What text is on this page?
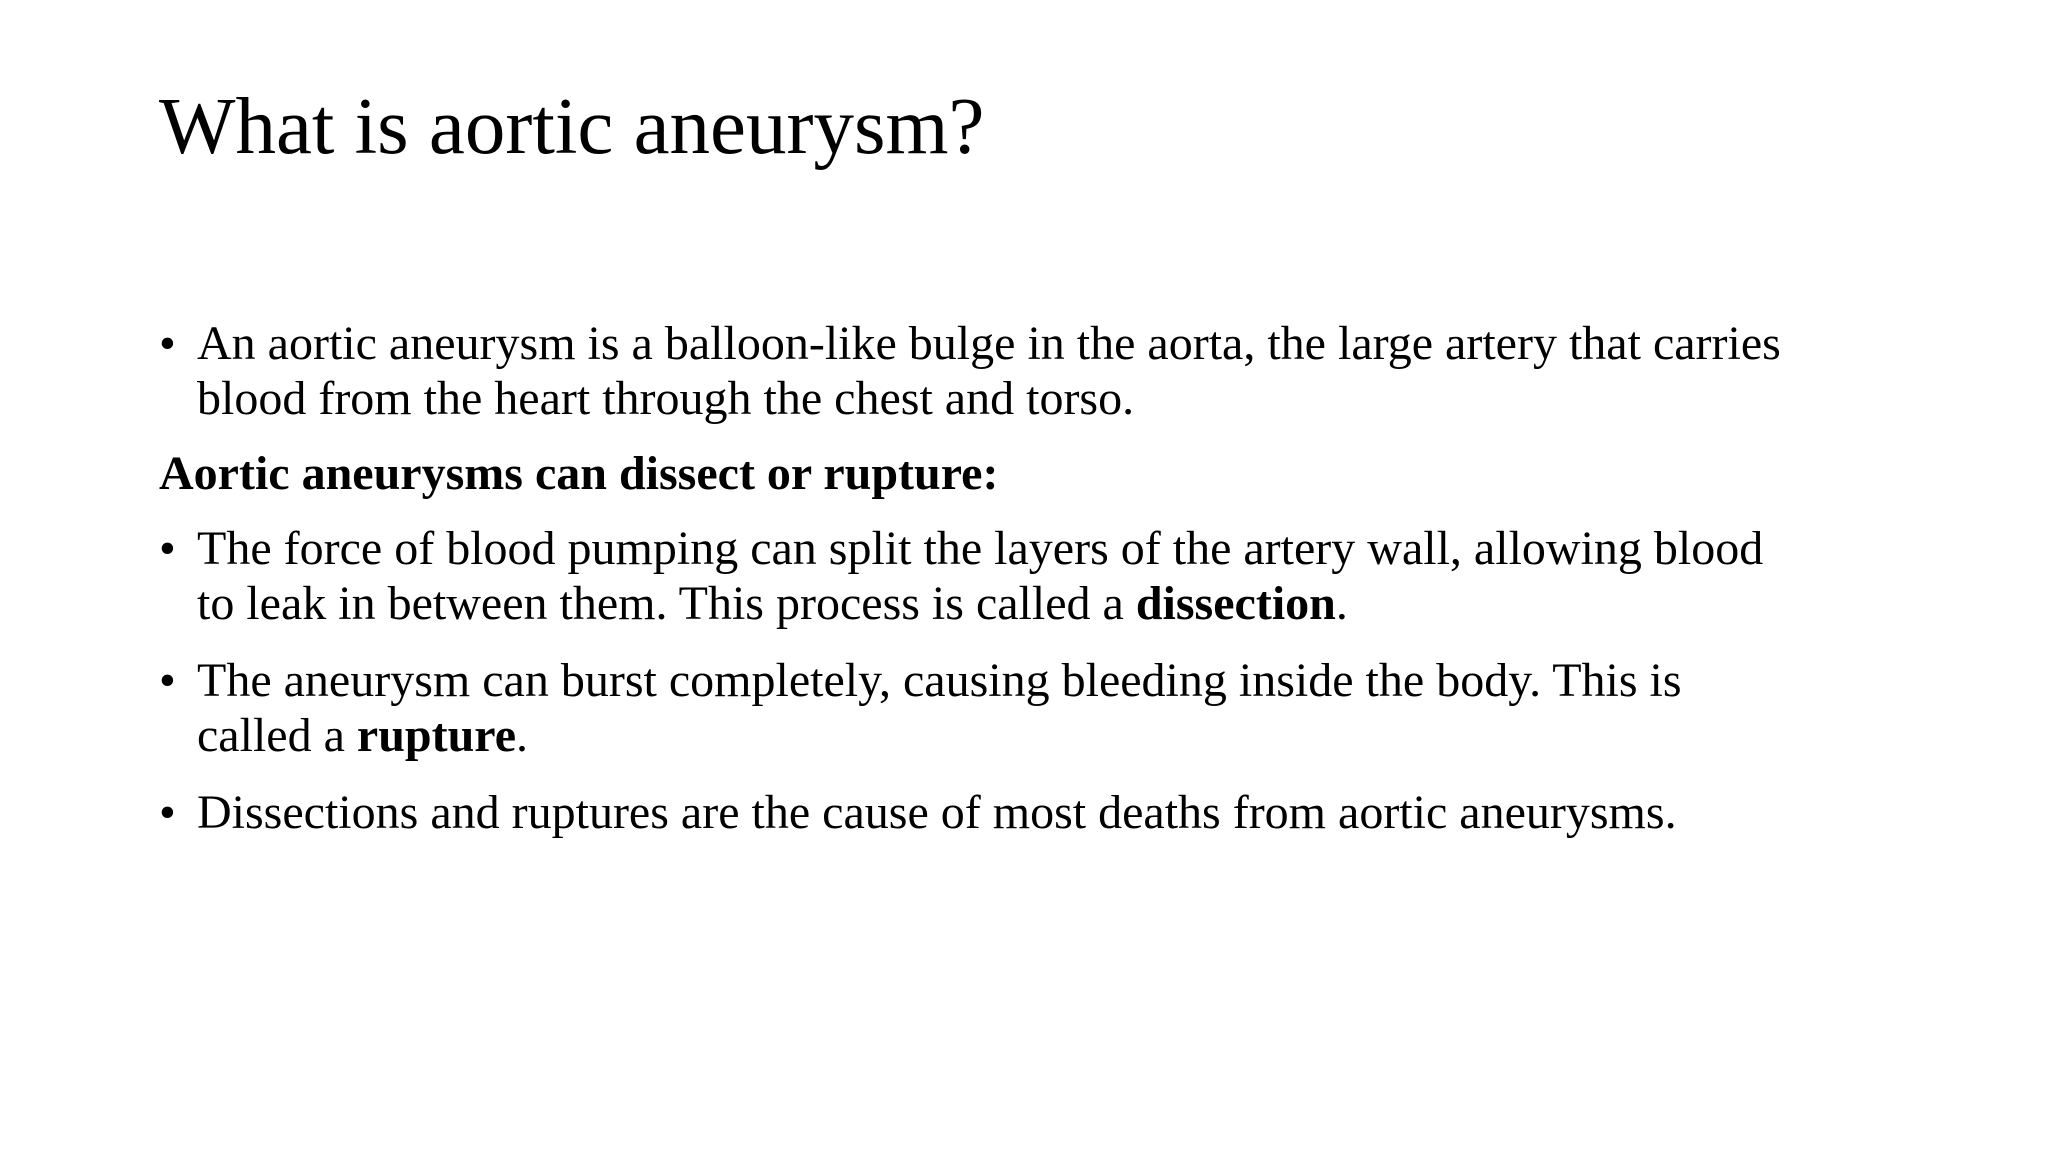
What is aortic aneurysm?
• An aortic aneurysm is a balloon-like bulge in the aorta, the large artery that carries
blood from the heart through the chest and torso.

Aortic aneurysms can dissect or rupture:

• The force of blood pumping can split the layers of the artery wall, allowing blood
to leak in between them. This process is called a dissection.
• The aneurysm can burst completely, causing bleeding inside the body. This is
called a rupture.
• Dissections and ruptures are the cause of most deaths from aortic aneurysms.
